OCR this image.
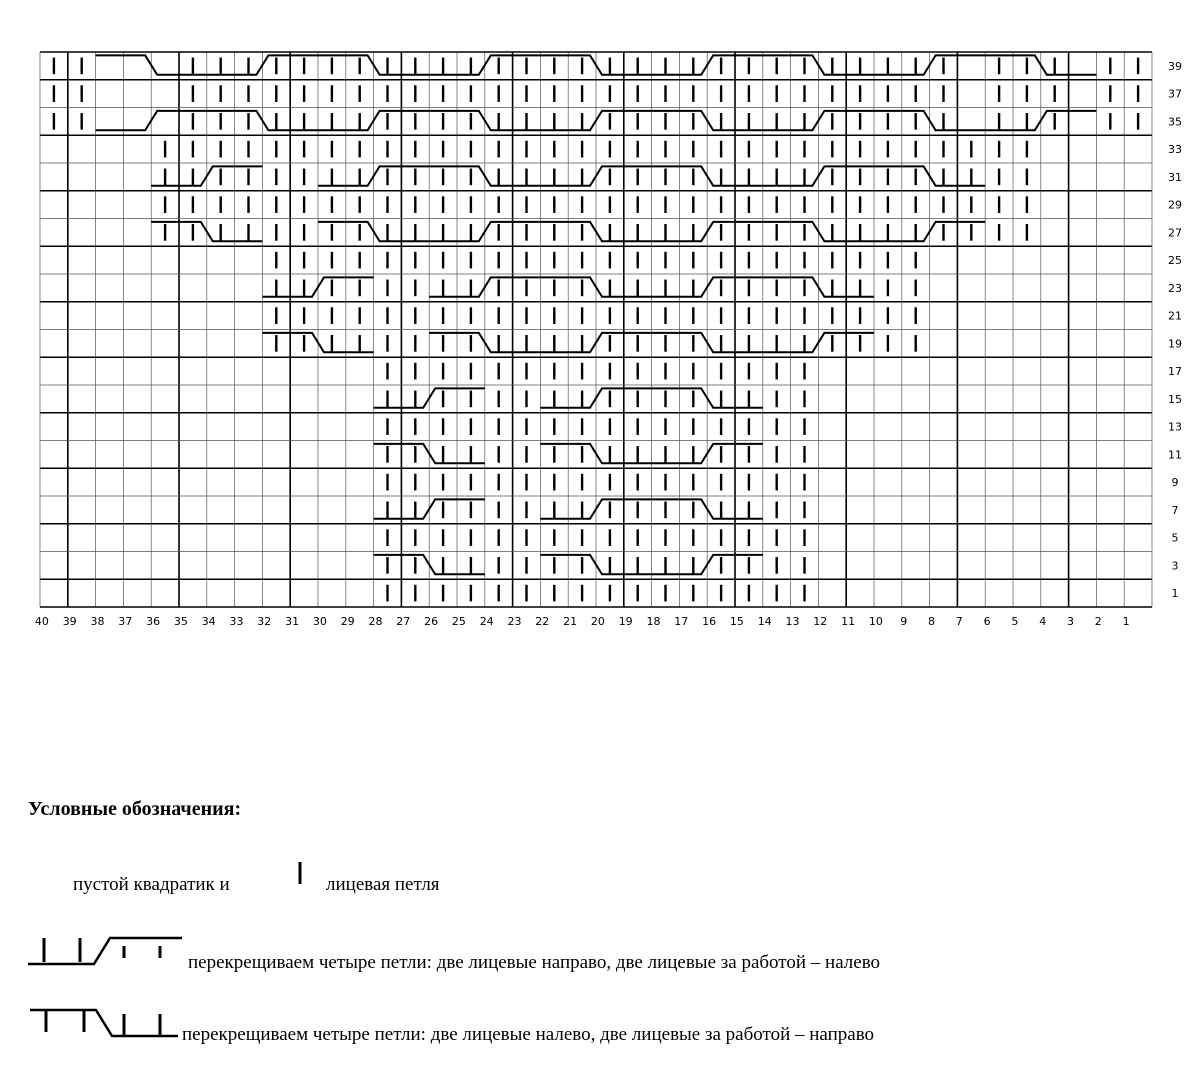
39
37
35
33
31
29
27
25
23
21
19
17
15
13
11
9
7
5
3
1
40 39 38 37 36 35 34 33 32 31 30 29 28 27 26 25 24 23 22 21 20 19 18 17 16 15 14 13 12 11 10 9 8 7 6 5 4 3 2 1
Условные обозначения:
пустой квадратик и	лицевая петля
перекрещиваем четыре петли: две лицевые направо, две лицевые за работой – налево
перекрещиваем четыре петли: две лицевые налево, две лицевые за работой – направо
